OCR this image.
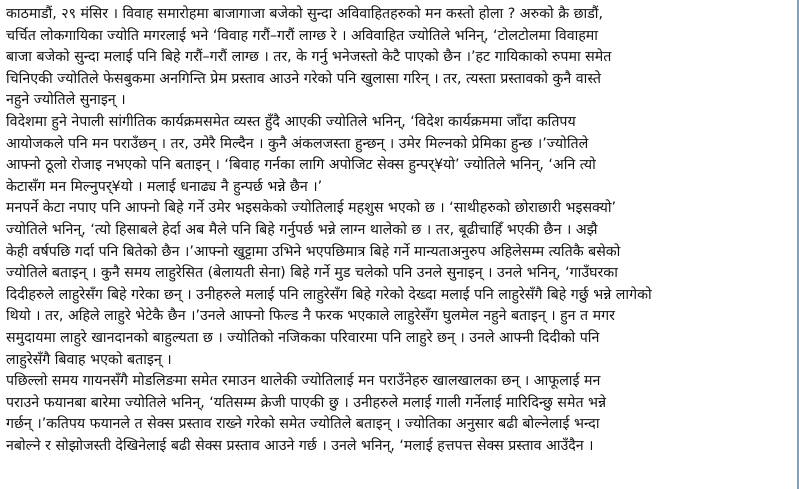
काठमाडौं, २९ मंसिर । विवाह समारोहमा बाजागाजा बजेको सुन्दा अविवाहितहरुको मन कस्तो होला ? अरुको क्रै छाडौं,
चर्चित लोकगायिका ज्योति मगरलाई भने ‘विवाह गरौं–गरौं लाग्छ रे । अविवाहित ज्योतिले भनिन्, ‘टोलटोलमा विवाहमा
बाजा बजेको सुन्दा मलाई पनि बिहे गरौं–गरौं लाग्छ । तर, के गर्नु भनेजस्तो केटै पाएको छैन ।’हट गायिकाको रुपमा समेत
चिनिएकी ज्योतिले फेसबुकमा अनगिन्ति प्रेम प्रस्ताव आउने गरेको पनि खुलासा गरिन् । तर, त्यस्ता प्रस्तावको कुनै वास्ते
नहुने ज्योतिले सुनाइन् ।
विदेशमा हुने नेपाली सांगीतिक कार्यक्रमसमेत व्यस्त हुँदै आएकी ज्योतिले भनिन्, ‘विदेश कार्यक्रममा जाँदा कतिपय
आयोजकले पनि मन पराउँछन् । तर, उमेरै मिल्दैन । कुनै अंकलजस्ता हुन्छन् । उमेर मिल्नको प्रेमिका हुन्छ ।’ज्योतिले
आफ्नो ठूलो रोजाइ नभएको पनि बताइन् । ‘बिवाह गर्नका लागि अपोजिट सेक्स हुन्पर्¥यो’ ज्योतिले भनिन्, ‘अनि त्यो
केटासँग मन मिल्नुपर्¥यो । मलाई धनाढ्य नै हुन्पर्छ भन्ने छैन ।’
मनपर्ने केटा नपाए पनि आफ्नो बिहे गर्ने उमेर भइसकेको ज्योतिलाई महशुस भएको छ । ‘साथीहरुको छोराछारी भइसक्यो’
ज्योतिले भनिन्, ‘त्यो हिसाबले हेर्दा अब मैले पनि बिहे गर्नुपर्छ भन्ने लाग्न थालेको छ । तर, बूढीचाहिँ भएकी छैन । अझै
केही वर्षपछि गर्दा पनि बितेको छैन ।’आफ्नो खुट्टामा उभिने भएपछिमात्र बिहे गर्ने मान्यताअनुरुप अहिलेसम्म त्यतिकै बसेको
ज्योतिले बताइन् । कुनै समय लाहुरेसित (बेलायती सेना) बिहे गर्ने मुड चलेको पनि उनले सुनाइन् । उनले भनिन्, ‘गाउँघरका
दिदीहरुले लाहुरेसँग बिहे गरेका छन् । उनीहरुले मलाई पनि लाहुरेसँग बिहे गरेको देख्दा मलाई पनि लाहुरेसँगै बिहे गर्छु भन्ने लागेको
थियो । तर, अहिले लाहुरे भेटेकै छैन ।’उनले आफ्नो फिल्ड नै फरक भएकाले लाहुरेसँग घुलमेल नहुने बताइन् । हुन त मगर
समुदायमा लाहुरे खानदानको बाहुल्यता छ । ज्योतिको नजिकका परिवारमा पनि लाहुरे छन् । उनले आफ्नी दिदीको पनि
लाहुरेसँगै बिवाह भएको बताइन् ।
पछिल्लो समय गायनसँगै मोडलिङमा समेत रमाउन थालेकी ज्योतिलाई मन पराउँनेहरु खालखालका छन् । आफूलाई मन
पराउने फयानबा बारेमा ज्योतिले भनिन्, ‘यतिसम्म क्रेजी पाएकी छु । उनीहरुले मलाई गाली गर्नेलाई मारिदिन्छु समेत भन्ने
गर्छन् ।’कतिपय फयानले त सेक्स प्रस्ताव राख्ने गरेको समेत ज्योतिले बताइन् । ज्योतिका अनुसार बढी बोल्नेलाई भन्दा
नबोल्ने र सोझोजस्ती देखिनेलाई बढी सेक्स प्रस्ताव आउने गर्छ । उनले भनिन्, ‘मलाई हत्तपत्त सेक्स प्रस्ताव आउँदैन ।
